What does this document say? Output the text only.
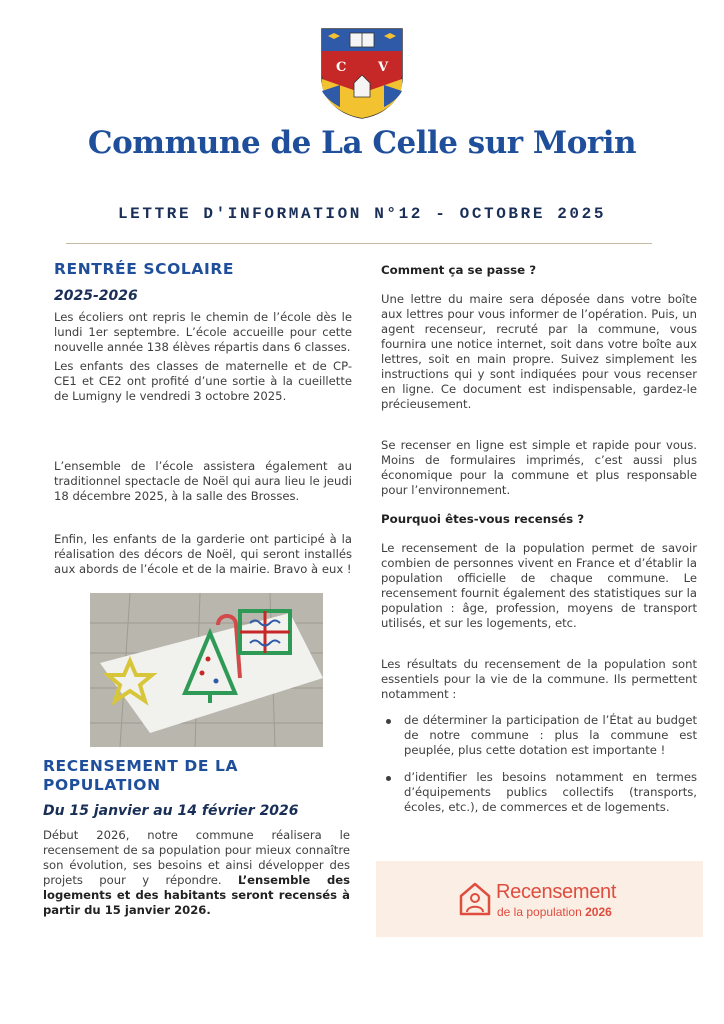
C V
Commune de La Celle sur Morin
LETTRE D'INFORMATION N°12 - OCTOBRE 2025
RENTRÉE SCOLAIRE
2025-2026

Les écoliers ont repris le chemin de l’école dès le lundi 1er septembre. L’école accueille pour cette nouvelle année 138 élèves répartis dans 6 classes.

Les enfants des classes de maternelle et de CP-CE1 et CE2 ont profité d’une sortie à la cueillette de Lumigny le vendredi 3 octobre 2025.

L’ensemble de l’école assistera également au traditionnel spectacle de Noël qui aura lieu le jeudi 18 décembre 2025, à la salle des Brosses.

Enfin, les enfants de la garderie ont participé à la réalisation des décors de Noël, qui seront installés aux abords de l’école et de la mairie. Bravo à eux !

RECENSEMENT DE LA POPULATION
Du 15 janvier au 14 février 2026

Début 2026, notre commune réalisera le recensement de sa population pour mieux connaître son évolution, ses besoins et ainsi développer des projets pour y répondre. L’ensemble des logements et des habitants seront recensés à partir du 15 janvier 2026.

Comment ça se passe ?

Une lettre du maire sera déposée dans votre boîte aux lettres pour vous informer de l’opération. Puis, un agent recenseur, recruté par la commune, vous fournira une notice internet, soit dans votre boîte aux lettres, soit en main propre. Suivez simplement les instructions qui y sont indiquées pour vous recenser en ligne. Ce document est indispensable, gardez-le précieusement.

Se recenser en ligne est simple et rapide pour vous. Moins de formulaires imprimés, c’est aussi plus économique pour la commune et plus responsable pour l’environnement.

Pourquoi êtes-vous recensés ?

Le recensement de la population permet de savoir combien de personnes vivent en France et d’établir la population officielle de chaque commune. Le recensement fournit également des statistiques sur la population : âge, profession, moyens de transport utilisés, et sur les logements, etc.

Les résultats du recensement de la population sont essentiels pour la vie de la commune. Ils permettent notamment :

de déterminer la participation de l’État au budget de notre commune : plus la commune est peuplée, plus cette dotation est importante !
d’identifier les besoins notamment en termes d’équipements publics collectifs (transports, écoles, etc.), de commerces et de logements.
Recensement
de la population 2026
